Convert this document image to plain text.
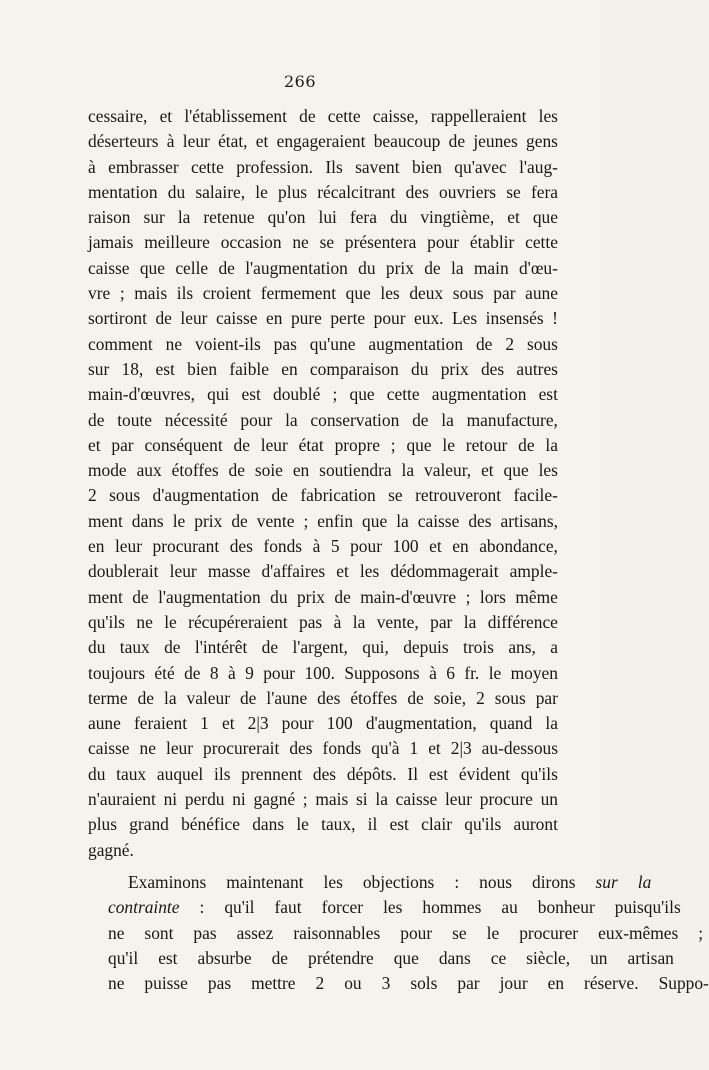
266
cessaire, et l'établissement de cette caisse, rappelleraient les
déserteurs à leur état, et engageraient beaucoup de jeunes gens
à embrasser cette profession. Ils savent bien qu'avec l'aug-
mentation du salaire, le plus récalcitrant des ouvriers se fera
raison sur la retenue qu'on lui fera du vingtième, et que
jamais meilleure occasion ne se présentera pour établir cette
caisse que celle de l'augmentation du prix de la main d'œu-
vre ; mais ils croient fermement que les deux sous par aune
sortiront de leur caisse en pure perte pour eux. Les insensés !
comment ne voient-ils pas qu'une augmentation de 2 sous
sur 18, est bien faible en comparaison du prix des autres
main-d'œuvres, qui est doublé ; que cette augmentation est
de toute nécessité pour la conservation de la manufacture,
et par conséquent de leur état propre ; que le retour de la
mode aux étoffes de soie en soutiendra la valeur, et que les
2 sous d'augmentation de fabrication se retrouveront facile-
ment dans le prix de vente ; enfin que la caisse des artisans,
en leur procurant des fonds à 5 pour 100 et en abondance,
doublerait leur masse d'affaires et les dédommagerait ample-
ment de l'augmentation du prix de main-d'œuvre ; lors même
qu'ils ne le récupéreraient pas à la vente, par la différence
du taux de l'intérêt de l'argent, qui, depuis trois ans, a
toujours été de 8 à 9 pour 100. Supposons à 6 fr. le moyen
terme de la valeur de l'aune des étoffes de soie, 2 sous par
aune feraient 1 et 2|3 pour 100 d'augmentation, quand la
caisse ne leur procurerait des fonds qu'à 1 et 2|3 au-dessous
du taux auquel ils prennent des dépôts. Il est évident qu'ils
n'auraient ni perdu ni gagné ; mais si la caisse leur procure un
plus grand bénéfice dans le taux, il est clair qu'ils auront
gagné.
Examinons	maintenant	les	objections	:	nous	dirons	sur	la
contrainte	:	qu'il	faut	forcer	les	hommes	au	bonheur	puisqu'ils
ne	sont	pas	assez	raisonnables	pour	se	le	procurer	eux-mêmes	;
qu'il	est	absurbe	de	prétendre	que	dans	ce	siècle,	un	artisan
ne	puisse	pas	mettre	2	ou	3	sols	par	jour	en	réserve.	Suppo-
